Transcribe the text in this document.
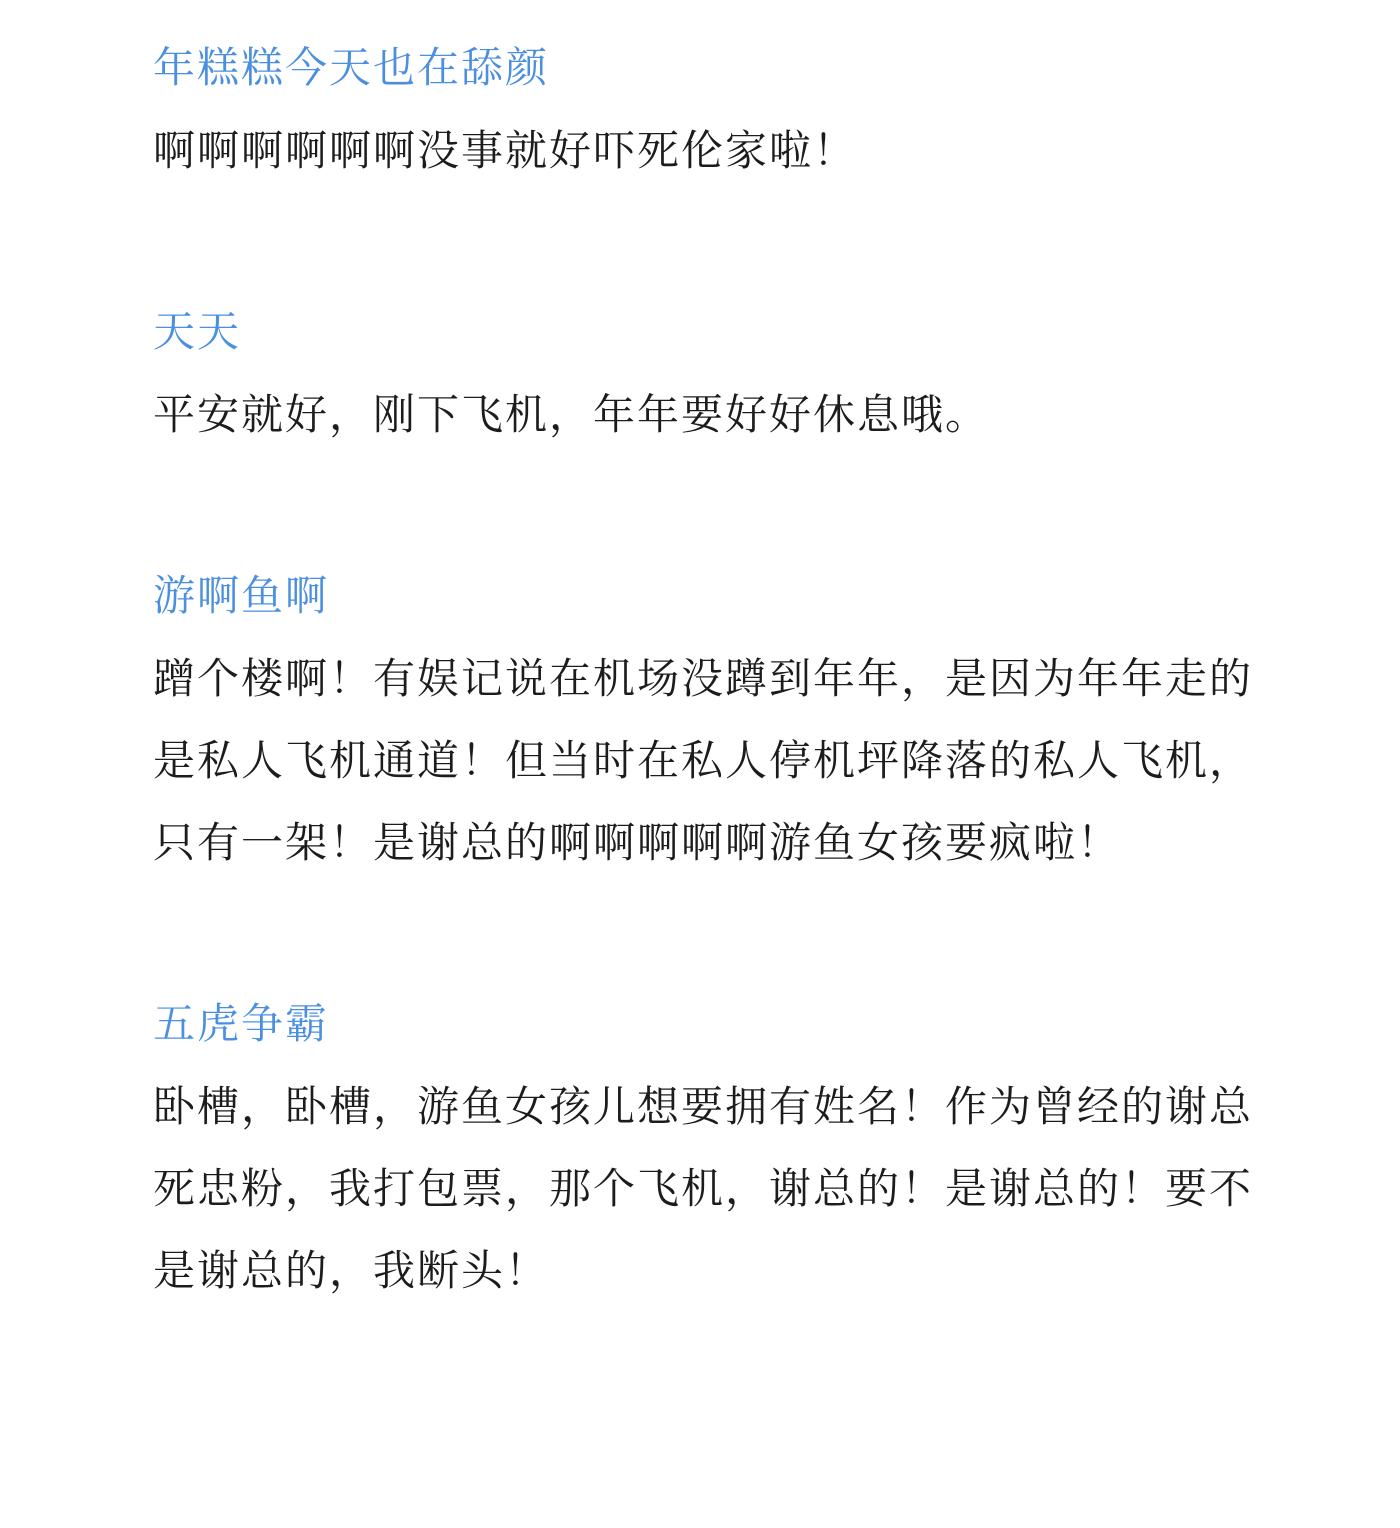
年糕糕今天也在舔颜
啊啊啊啊啊啊没事就好吓死伦家啦！
天天
平安就好，刚下飞机，年年要好好休息哦。
游啊鱼啊
蹭个楼啊！有娱记说在机场没蹲到年年，是因为年年走的是私人飞机通道！但当时在私人停机坪降落的私人飞机，只有一架！是谢总的啊啊啊啊啊游鱼女孩要疯啦！
五虎争霸
卧槽，卧槽，游鱼女孩儿想要拥有姓名！作为曾经的谢总死忠粉，我打包票，那个飞机，谢总的！是谢总的！要不是谢总的，我断头！
